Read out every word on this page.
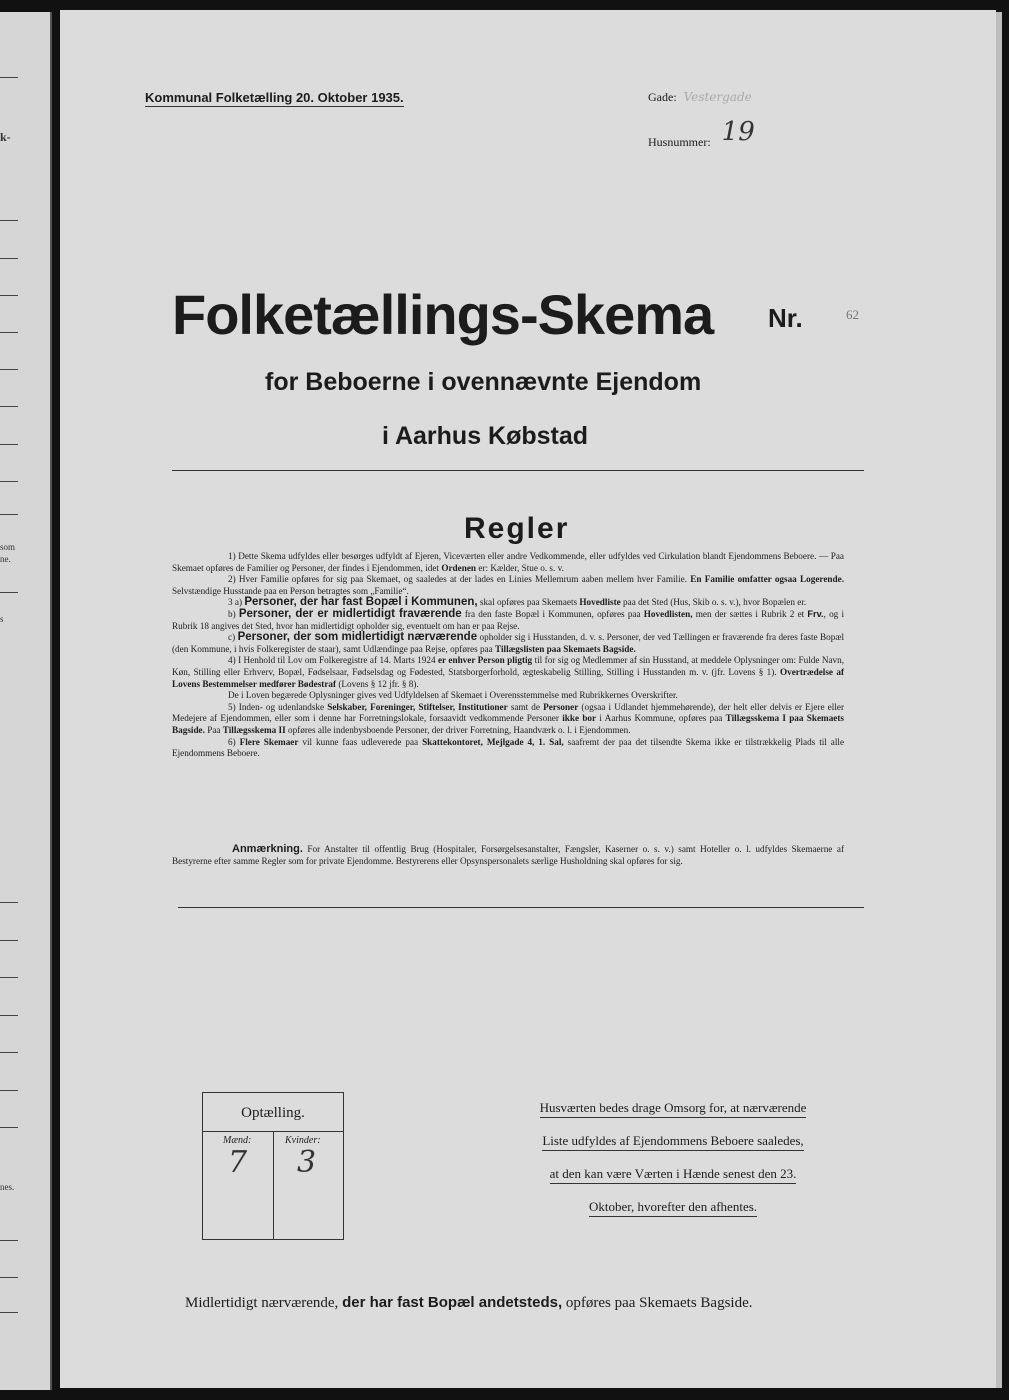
k-
som
ne.
s
nes.
Kommunal Folketælling 20. Oktober 1935.	Gade: Vestergade
Husnummer: 19
Folketællings-Skema Nr.	62
for Beboerne i ovennævnte Ejendom
i Aarhus Købstad
Regler

1) Dette Skema udfyldes eller besørges udfyldt af Ejeren, Viceværten eller andre Vedkommende, eller udfyldes ved Cirkulation blandt Ejendommens Beboere. — Paa Skemaet opføres de Familier og Personer, der findes i Ejendommen, idet Ordenen er: Kælder, Stue o. s. v.

2) Hver Familie opføres for sig paa Skemaet, og saaledes at der lades en Linies Mellemrum aaben mellem hver Familie. En Familie omfatter ogsaa Logerende. Selvstændige Husstande paa en Person betragtes som „Familie“.

3 a) Personer, der har fast Bopæl i Kommunen, skal opføres paa Skemaets Hovedliste paa det Sted (Hus, Skib o. s. v.), hvor Bopælen er.

b) Personer, der er midlertidigt fraværende fra den faste Bopæl i Kommunen, opføres paa Hovedlisten, men der sættes i Rubrik 2 et Frv., og i Rubrik 18 angives det Sted, hvor han midlertidigt opholder sig, eventuelt om han er paa Rejse.

c) Personer, der som midlertidigt nærværende opholder sig i Husstanden, d. v. s. Personer, der ved Tællingen er fraværende fra deres faste Bopæl (den Kommune, i hvis Folkeregister de staar), samt Udlændinge paa Rejse, opføres paa Tillægslisten paa Skemaets Bagside.

4) I Henhold til Lov om Folkeregistre af 14. Marts 1924 er enhver Person pligtig til for sig og Medlemmer af sin Husstand, at meddele Oplysninger om: Fulde Navn, Køn, Stilling eller Erhverv, Bopæl, Fødselsaar, Fødselsdag og Fødested, Statsborgerforhold, ægteskabelig Stilling, Stilling i Husstanden m. v. (jfr. Lovens § 1). Overtrædelse af Lovens Bestemmelser medfører Bødestraf (Lovens § 12 jfr. § 8).

De i Loven begærede Oplysninger gives ved Udfyldelsen af Skemaet i Overensstemmelse med Rubrikkernes Overskrifter.

5) Inden- og udenlandske Selskaber, Foreninger, Stiftelser, Institutioner samt de Personer (ogsaa i Udlandet hjemmehørende), der helt eller delvis er Ejere eller Medejere af Ejendommen, eller som i denne har Forretningslokale, forsaavidt vedkommende Personer ikke bor i Aarhus Kommune, opføres paa Tillægsskema I paa Skemaets Bagside. Paa Tillægsskema II opføres alle indenbysboende Personer, der driver Forretning, Haandværk o. l. i Ejendommen.

6) Flere Skemaer vil kunne faas udleverede paa Skattekontoret, Mejlgade 4, 1. Sal, saafremt der paa det tilsendte Skema ikke er tilstrækkelig Plads til alle Ejendommens Beboere.

Anmærkning. For Anstalter til offentlig Brug (Hospitaler, Forsørgelsesanstalter, Fængsler, Kaserner o. s. v.) samt Hoteller o. l. udfyldes Skemaerne af Bestyrerne efter samme Regler som for private Ejendomme. Bestyrerens eller Opsynspersonalets særlige Husholdning skal opføres for sig.

Optælling.
Mænd:	Kvinder:
7 3
Husværten bedes drage Omsorg for, at nærværende
Liste udfyldes af Ejendommens Beboere saaledes,
at den kan være Værten i Hænde senest den 23.
Oktober, hvorefter den afhentes.
Midlertidigt nærværende, der har fast Bopæl andetsteds, opføres paa Skemaets Bagside.
